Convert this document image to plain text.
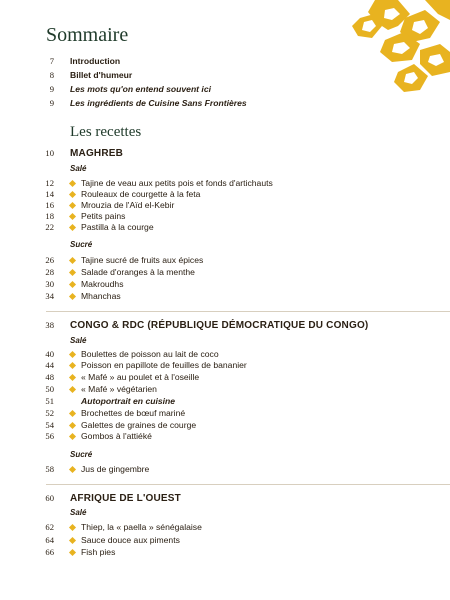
Sommaire
7 Introduction
8 Billet d'humeur
9 Les mots qu'on entend souvent ici
9 Les ingrédients de Cuisine Sans Frontières
Les recettes
10 MAGHREB
Salé
12	Tajine de veau aux petits pois et fonds d'artichauts
14	Rouleaux de courgette à la feta
16	Mrouzia de l'Aïd el-Kebir
18	Petits pains
22	Pastilla à la courge
Sucré
26	Tajine sucré de fruits aux épices
28	Salade d'oranges à la menthe
30	Makroudhs
34	Mhanchas
38 CONGO & RDC (RÉPUBLIQUE DÉMOCRATIQUE DU CONGO)
Salé
40	Boulettes de poisson au lait de coco
44	Poisson en papillote de feuilles de bananier
48	« Mafé » au poulet et à l'oseille
50	« Mafé » végétarien
51	Autoportrait en cuisine
52	Brochettes de bœuf mariné
54	Galettes de graines de courge
56	Gombos à l'attiéké
Sucré
58	Jus de gingembre
60 AFRIQUE DE L'OUEST
Salé
62	Thiep, la « paella » sénégalaise
64	Sauce douce aux piments
66	Fish pies
